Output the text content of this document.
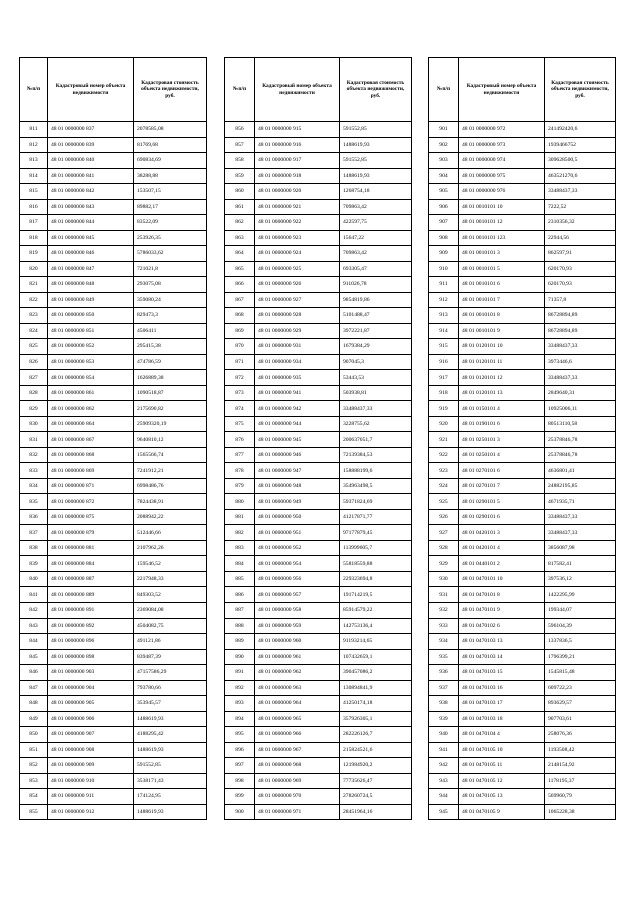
№п/п	Кадастровый номер объекта недвижимости	Кадастровая стоимость объекта недвижимости, руб.
811	48 01 0000000 837	2078585,08
812	48 01 0000000 839	81769,68
813	48 01 0000000 840	690834,69
814	48 01 0000000 841	38288,88
815	48 01 0000000 842	153507,15
816	48 01 0000000 843	89882,17
817	48 01 0000000 844	83522,09
818	48 01 0000000 845	253926,35
819	48 01 0000000 846	5786033,62
820	48 01 0000000 847	721021,8
821	48 01 0000000 848	293075,08
822	48 01 0000000 849	359080,24
823	48 01 0000000 850	829473,3
824	48 01 0000000 851	4506411
825	48 01 0000000 852	295415,38
826	48 01 0000000 853	474786,59
827	48 01 0000000 854	1626889,38
828	48 01 0000000 861	1090518,87
829	48 01 0000000 862	2175690,82
830	48 01 0000000 864	25909320,19
831	48 01 0000000 867	9640810,12
832	48 01 0000000 868	1565566,74
833	48 01 0000000 869	7241912,21
834	48 01 0000000 871	6998486,76
835	48 01 0000000 872	7824438,91
836	48 01 0000000 875	2088942,22
837	48 01 0000000 879	512446,66
838	48 01 0000000 881	2107962,26
839	48 01 0000000 884	159546,52
840	48 01 0000000 887	2217948,33
841	48 01 0000000 889	849303,52
842	48 01 0000000 891	2369084,08
843	48 01 0000000 892	4504082,75
844	48 01 0000000 896	491121,86
845	48 01 0000000 898	839487,39
846	48 01 0000000 903	47157586,29
847	48 01 0000000 904	793780,66
848	48 01 0000000 905	353945,57
849	48 01 0000000 906	1488619,93
850	48 01 0000000 907	4188295,42
851	48 01 0000000 908	1488619,93
852	48 01 0000000 909	591552,85
853	48 01 0000000 910	3538171,43
854	48 01 0000000 911	174124,95
855	48 01 0000000 912	1488619,93
№п/п	Кадастровый номер объекта недвижимости	Кадастровая стоимость объекта недвижимости, руб.
856	48 01 0000000 915	591552,85
857	48 01 0000000 916	1488619,93
858	48 01 0000000 917	591552,85
859	48 01 0000000 918	1488619,93
860	48 01 0000000 920	1268754,18
861	48 01 0000000 921	709863,42
862	48 01 0000000 922	422597,75
863	48 01 0000000 923	15647,22
864	48 01 0000000 924	709863,42
865	48 01 0000000 925	693305,47
866	48 01 0000000 926	911026,78
867	48 01 0000000 927	9854819,86
868	48 01 0000000 928	5101488,47
869	48 01 0000000 929	3972221,87
870	48 01 0000000 931	1679384,29
871	48 01 0000000 934	907045,3
872	48 01 0000000 935	53443,53
873	48 01 0000000 941	503938,81
874	48 01 0000000 942	33488437,33
875	48 01 0000000 944	3228755,62
876	48 01 0000000 945	200637051,7
877	48 01 0000000 946	72139384,53
878	48 01 0000000 947	158888199,6
879	48 01 0000000 948	354963498,5
880	48 01 0000000 949	59371824,69
881	48 01 0000000 950	41217871,77
882	48 01 0000000 951	97177879,45
883	48 01 0000000 952	113999605,7
884	48 01 0000000 954	55818559,88
885	48 01 0000000 956	229323694,8
886	48 01 0000000 957	191714219,5
887	48 01 0000000 958	85914579,22
888	48 01 0000000 959	142753136,4
889	48 01 0000000 960	91193214,65
890	48 01 0000000 961	107432659,1
891	48 01 0000000 962	390457086,2
892	48 01 0000000 963	130894841,9
893	48 01 0000000 964	41250174,18
894	48 01 0000000 965	357926305,1
895	48 01 0000000 966	282226126,7
896	48 01 0000000 967	215824521,6
897	48 01 0000000 968	121984920,2
898	48 01 0000000 969	77735626,47
899	48 01 0000000 970	278260724,5
900	48 01 0000000 971	28451964,16
№п/п	Кадастровый номер объекта недвижимости	Кадастровая стоимость объекта недвижимости, руб.
901	48 01 0000000 972	241492420,6
902	48 01 0000000 973	1939466752
903	48 01 0000000 974	309628500,5
904	48 01 0000000 975	463521270,6
905	48 01 0000000 976	33488437,33
906	48 01 0010101 10	7222,52
907	48 01 0010101 12	2310356,32
908	48 01 0010101 123	22944,56
909	48 01 0010101 3	862597,91
910	48 01 0010101 5	620170,93
911	48 01 0010101 6	620170,93
912	48 01 0010101 7	71357,8
913	48 01 0010101 8	86728894,89
914	48 01 0010101 9	86728894,89
915	48 01 0120101 10	33488437,33
916	48 01 0120101 11	3973446,6
917	48 01 0120101 12	33488437,33
918	48 01 0120101 13	2849640,31
919	48 01 0150101 4	10925006,11
920	48 01 0190101 6	80513110,58
921	48 01 0250101 3	25378846,78
922	48 01 0250101 4	25378846,78
923	48 01 0270101 6	4636801,41
924	48 01 0270101 7	24882195,85
925	48 01 0290101 5	4671935,71
926	48 01 0290101 6	33488437,33
927	48 01 0420101 3	33488437,33
928	48 01 0420101 4	3856087,98
929	48 01 0440101 2	817582,41
930	48 01 0470101 10	397536,12
931	48 01 0470101 8	1422295,99
932	48 01 0470101 9	199344,07
933	48 01 0470102 6	596104,39
934	48 01 0470103 13	1337836,5
935	48 01 0470103 14	1796399,21
936	48 01 0470103 15	1545815,48
937	48 01 0470103 16	609722,23
938	48 01 0470103 17	893629,57
939	48 01 0470103 18	907703,61
940	48 01 0470104 4	258076,36
941	48 01 0470105 10	1193508,42
942	48 01 0470105 11	2148154,92
943	48 01 0470105 12	1178195,37
944	48 01 0470105 13	569960,79
945	48 01 0470105 9	1065228,38
